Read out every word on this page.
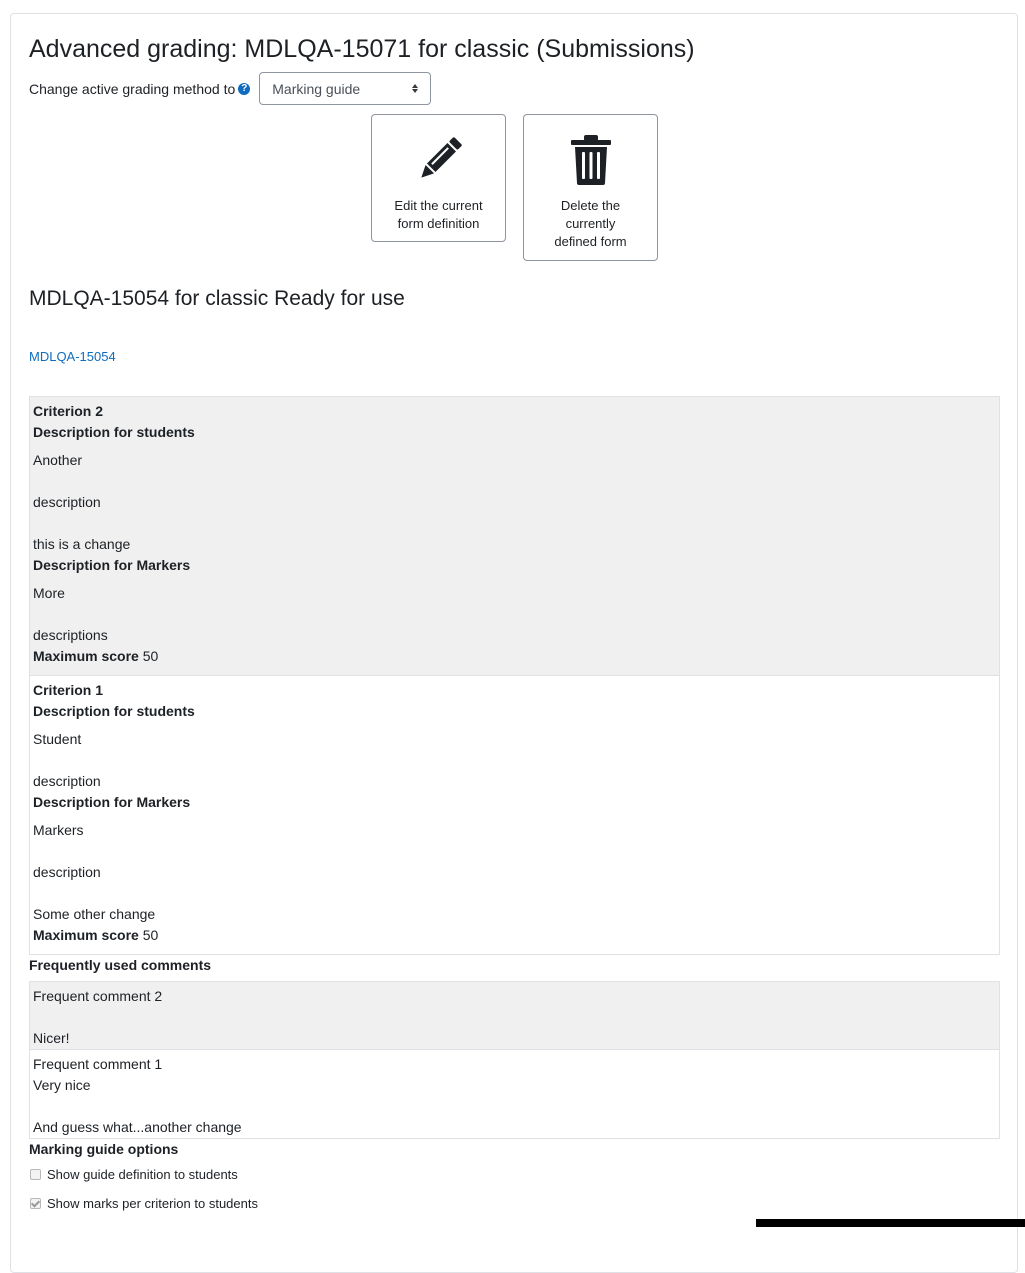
Advanced grading: MDLQA-15071 for classic (Submissions)
Change active grading method to ? Marking guide
Edit the current
form definition
Delete the
currently
defined form
MDLQA-15054 for classic Ready for use
MDLQA-15054
Criterion 2
Description for students
Another
description
this is a change
Description for Markers
More
descriptions
Maximum score 50
Criterion 1
Description for students
Student
description
Description for Markers
Markers
description
Some other change
Maximum score 50
Frequently used comments
Frequent comment 2
Nicer!
Frequent comment 1
Very nice
And guess what...another change
Marking guide options
Show guide definition to students
Show marks per criterion to students
